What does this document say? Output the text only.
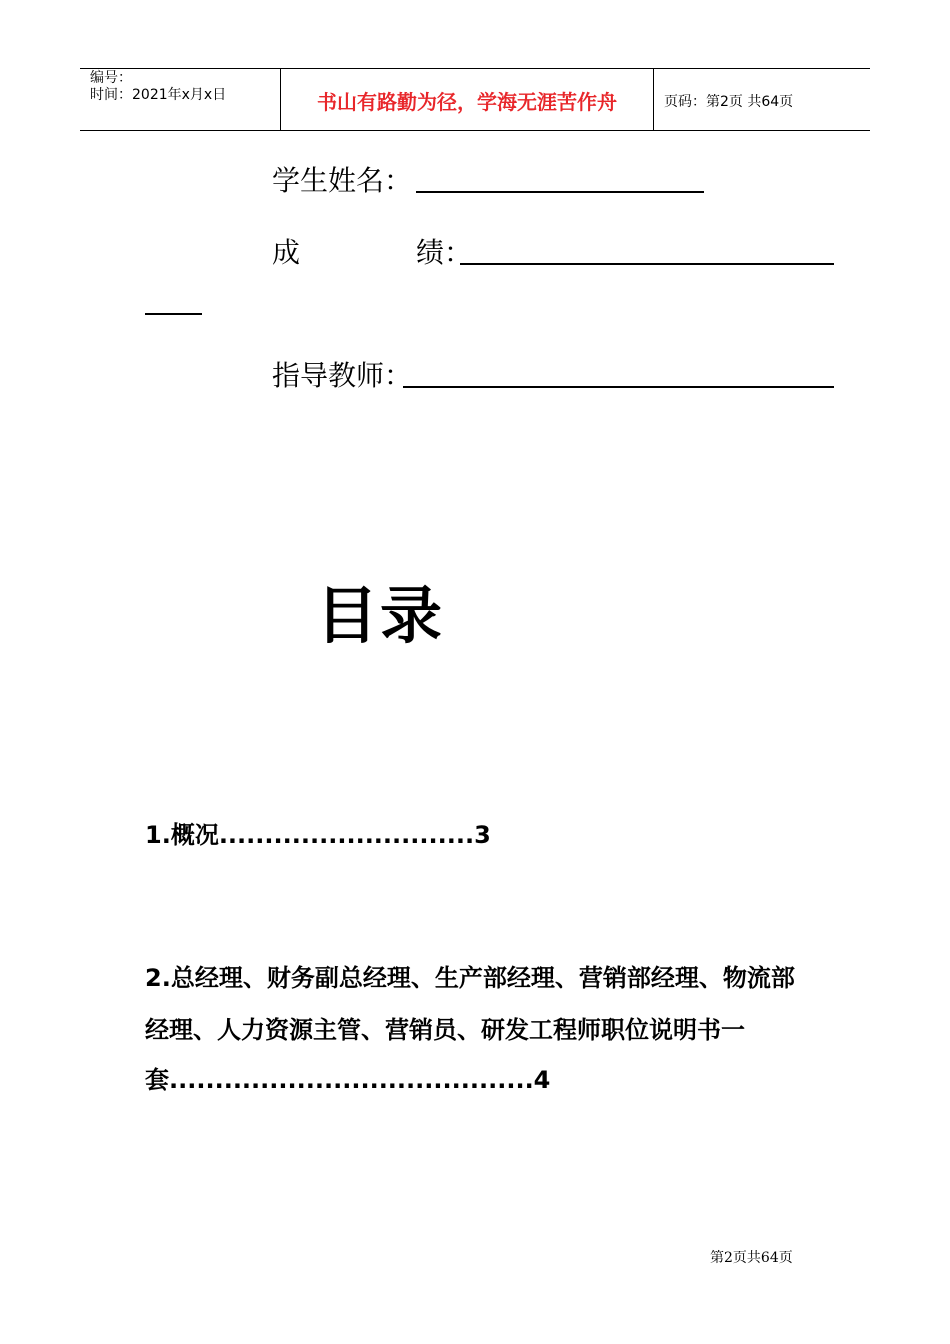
编号：
时间：2021年x月x日	书山有路勤为径，学海无涯苦作舟	页码：第2页 共64页
学生姓名：
成	绩：
指导教师：
目录
1.概况............................3
2.总经理、财务副总经理、生产部经理、营销部经理、物流部
经理、人力资源主管、营销员、研发工程师职位说明书一
套........................................4
第2页共64页
